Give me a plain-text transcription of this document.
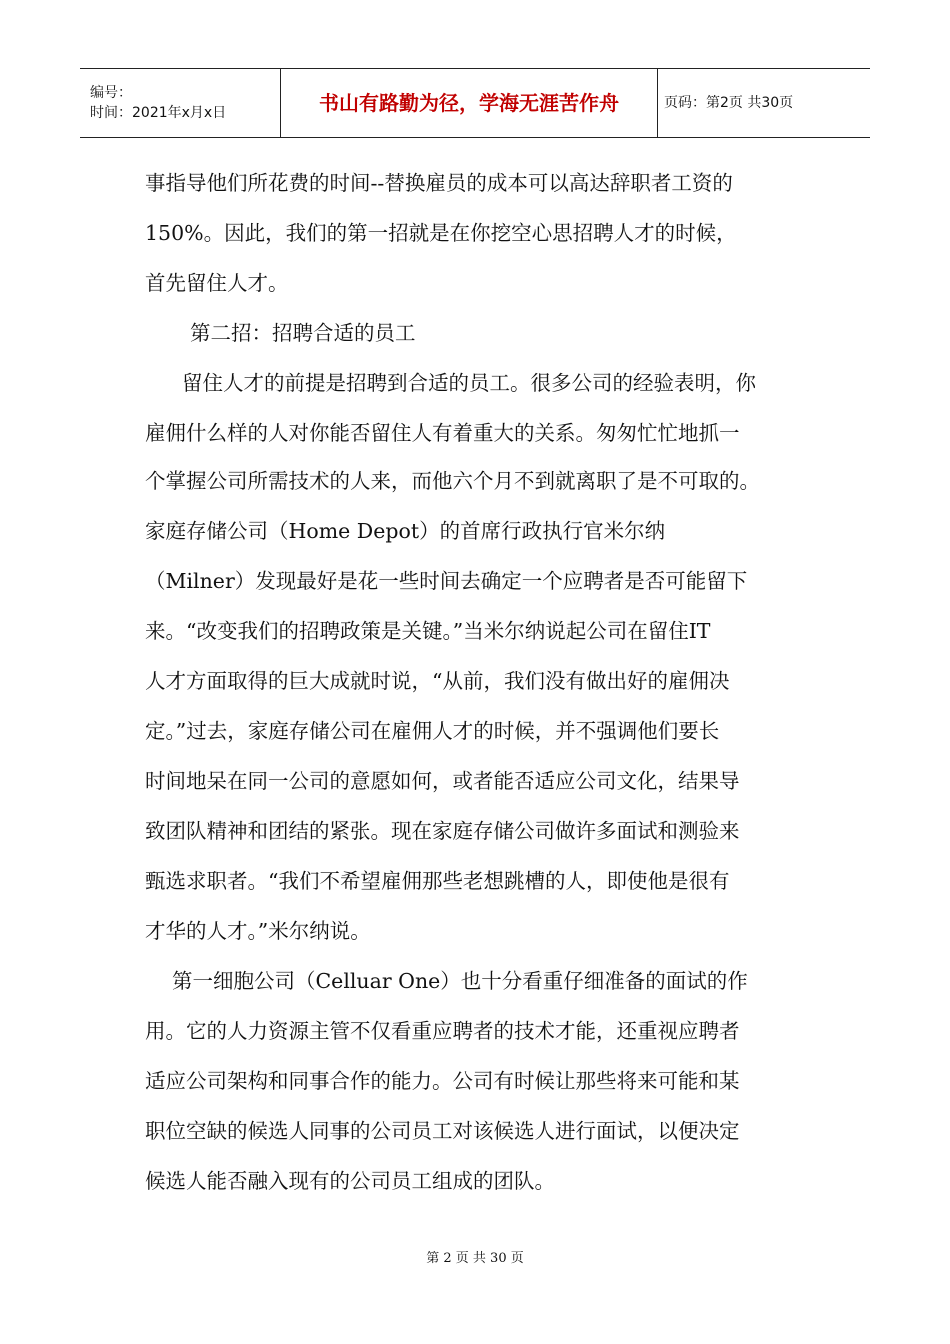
编号：
时间：2021年x月x日	书山有路勤为径，学海无涯苦作舟	页码：第2页 共30页

事指导他们所花费的时间--替换雇员的成本可以高达辞职者工资的

150%。因此，我们的第一招就是在你挖空心思招聘人才的时候，

首先留住人才。

第二招：招聘合适的员工

留住人才的前提是招聘到合适的员工。很多公司的经验表明，你

雇佣什么样的人对你能否留住人有着重大的关系。匆匆忙忙地抓一

个掌握公司所需技术的人来，而他六个月不到就离职了是不可取的。

家庭存储公司（Home Depot）的首席行政执行官米尔纳

（Milner）发现最好是花一些时间去确定一个应聘者是否可能留下

来。“改变我们的招聘政策是关键。”当米尔纳说起公司在留住IT

人才方面取得的巨大成就时说，“从前，我们没有做出好的雇佣决

定。”过去，家庭存储公司在雇佣人才的时候，并不强调他们要长

时间地呆在同一公司的意愿如何，或者能否适应公司文化，结果导

致团队精神和团结的紧张。现在家庭存储公司做许多面试和测验来

甄选求职者。“我们不希望雇佣那些老想跳槽的人，即使他是很有

才华的人才。”米尔纳说。

第一细胞公司（Celluar One）也十分看重仔细准备的面试的作

用。它的人力资源主管不仅看重应聘者的技术才能，还重视应聘者

适应公司架构和同事合作的能力。公司有时候让那些将来可能和某

职位空缺的候选人同事的公司员工对该候选人进行面试，以便决定

候选人能否融入现有的公司员工组成的团队。

第 2 页 共 30 页
